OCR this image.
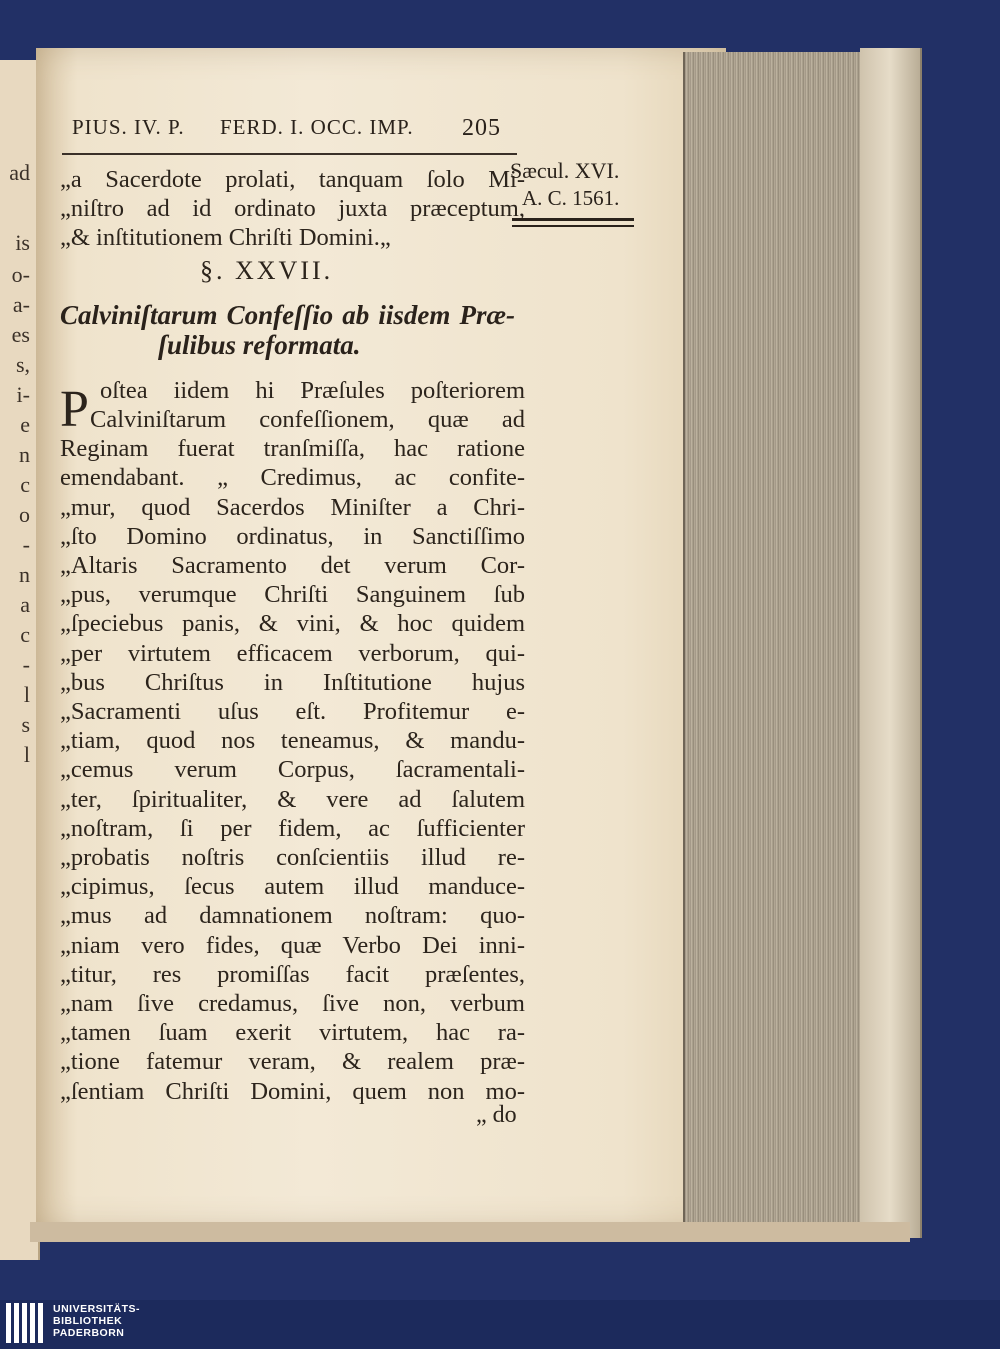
ad
is
o-
a-
es
s,
i-
e
n
c
o
-
n
a
c
-
l
s
l
PIUS. IV. P. FERD. I. OCC. IMP. 205
Sæcul. XVI.
A. C. 1561.
„a Sacerdote prolati, tanquam ſolo Mi-
„niſtro ad id ordinato juxta præceptum,
„& inſtitutionem Chriſti Domini.„
§. XXVII.
Calviniſtarum Confeſſio ab iisdem Præ-
ſulibus reformata.
P oſtea iidem hi Præſules poſteriorem
Calviniſtarum confeſſionem, quæ ad
Reginam fuerat tranſmiſſa, hac ratione
emendabant. „ Credimus, ac confite-
„mur, quod Sacerdos Miniſter a Chri-
„ſto Domino ordinatus, in Sanctiſſimo
„Altaris Sacramento det verum Cor-
„pus, verumque Chriſti Sanguinem ſub
„ſpeciebus panis, & vini, & hoc quidem
„per virtutem efficacem verborum, qui-
„bus Chriſtus in Inſtitutione hujus
„Sacramenti uſus eſt. Profitemur e-
„tiam, quod nos teneamus, & mandu-
„cemus verum Corpus, ſacramentali-
„ter, ſpiritualiter, & vere ad ſalutem
„noſtram, ſi per fidem, ac ſufficienter
„probatis noſtris conſcientiis illud re-
„cipimus, ſecus autem illud manduce-
„mus ad damnationem noſtram: quo-
„niam vero fides, quæ Verbo Dei inni-
„titur, res promiſſas facit præſentes,
„nam ſive credamus, ſive non, verbum
„tamen ſuam exerit virtutem, hac ra-
„tione fatemur veram, & realem præ-
„ſentiam Chriſti Domini, quem non mo-
„ do
UNIVERSITÄTS-
BIBLIOTHEK
PADERBORN
